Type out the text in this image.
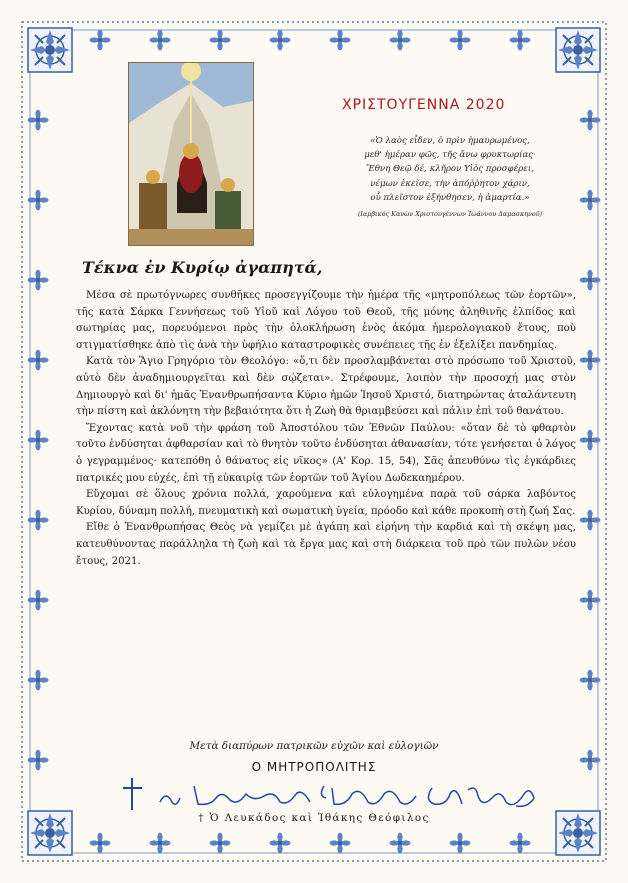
ΧΡΙΣΤΟΥΓΕΝΝΑ 2020
«Ὁ λαὸς εἶδεν, ὁ πρὶν ἠμαυρωμένος,
μεθ' ἡμέραν φῶς, τῆς ἄνω φρυκτωρίας·
Ἔθνη Θεῷ δέ, κλῆρον Υἱὸς προσφέρει,
νέμων ἐκεῖσε, τὴν ἀπόῤῥητον χάριν,
οὗ πλεῖστον ἐξήνθησεν, ἡ ἁμαρτία.»
(Ιαμβικός Κανὼν Χριστουγέννων Ἰωάννου Δαμασκηνοῦ)
Τέκνα ἐν Κυρίῳ ἀγαπητά,

Μέσα σὲ πρωτόγνωρες συνθῆκες προσεγγίζουμε τὴν ἡμέρα τῆς «μητροπόλεως τῶν ἑορτῶν», τῆς κατὰ Σάρκα Γεννήσεως τοῦ Υἱοῦ καὶ Λόγου τοῦ Θεοῦ, τῆς μόνης ἀληθινῆς ἐλπίδος καὶ σωτηρίας μας, πορευόμενοι πρὸς τὴν ὁλοκλήρωση ἑνὸς ἀκόμα ἡμερολογιακοῦ ἔτους, ποὺ στιγματίσθηκε ἀπὸ τὶς ἀνὰ τὴν ὑφήλιο καταστροφικὲς συνέπειες τῆς ἐν ἐξελίξει πανδημίας.

Κατὰ τὸν Ἅγιο Γρηγόριο τὸν Θεολόγο: «ὅ,τι δὲν προσλαμβάνεται στὸ πρόσωπο τοῦ Χριστοῦ, αὐτὸ δὲν ἀναδημιουργεῖται καὶ δὲν σῴζεται». Στρέφουμε, λοιπὸν τὴν προσοχή μας στὸν Δημιουργὸ καὶ δι' ἡμᾶς Ἐνανθρωπήσαντα Κύριο ἡμῶν Ἰησοῦ Χριστό, διατηρώντας ἀταλάντευτη τὴν πίστη καὶ ἀκλόνητη τὴν βεβαιότητα ὅτι ἡ Ζωὴ θὰ θριαμβεύσει καὶ πάλιν ἐπὶ τοῦ θανάτου.

Ἔχοντας κατὰ νοῦ τὴν φράση τοῦ Ἀποστόλου τῶν Ἐθνῶν Παύλου: «ὅταν δὲ τὸ φθαρτὸν τοῦτο ἐνδύσηται ἀφθαρσίαν καὶ τὸ θνητὸν τοῦτο ἐνδύσηται ἀθανασίαν, τότε γενήσεται ὁ λόγος ὁ γεγραμμένος· κατεπόθη ὁ θάνατος εἰς νῖκος» (Α' Κορ. 15, 54), Σᾶς ἀπευθύνω τὶς ἐγκάρδιες πατρικές μου εὐχές, ἐπὶ τῇ εὐκαιρίᾳ τῶν ἑορτῶν τοῦ Ἁγίου Δωδεκαημέρου.

Εὔχομαι σὲ ὅλους χρόνια πολλά, χαρούμενα καὶ εὐλογημένα παρὰ τοῦ σάρκα λαβόντος Κυρίου, δύναμη πολλή, πνευματικὴ καὶ σωματικὴ ὑγεία, πρόοδο καὶ κάθε προκοπὴ στὴ ζωή Σας.

Εἴθε ὁ Ἐνανθρωπήσας Θεὸς νὰ γεμίζει μὲ ἀγάπη καὶ εἰρήνη τὴν καρδιά καὶ τὴ σκέψη μας, κατευθύνοντας παράλληλα τὴ ζωὴ καὶ τὰ ἔργα μας καὶ στὴ διάρκεια τοῦ πρὸ τῶν πυλῶν νέου ἔτους, 2021.

Μετὰ διαπύρων πατρικῶν εὐχῶν καὶ εὐλογιῶν
Ο ΜΗΤΡΟΠΟΛΙΤΗΣ
† Ὁ Λευκάδος καὶ Ἰθάκης Θεόφιλος
